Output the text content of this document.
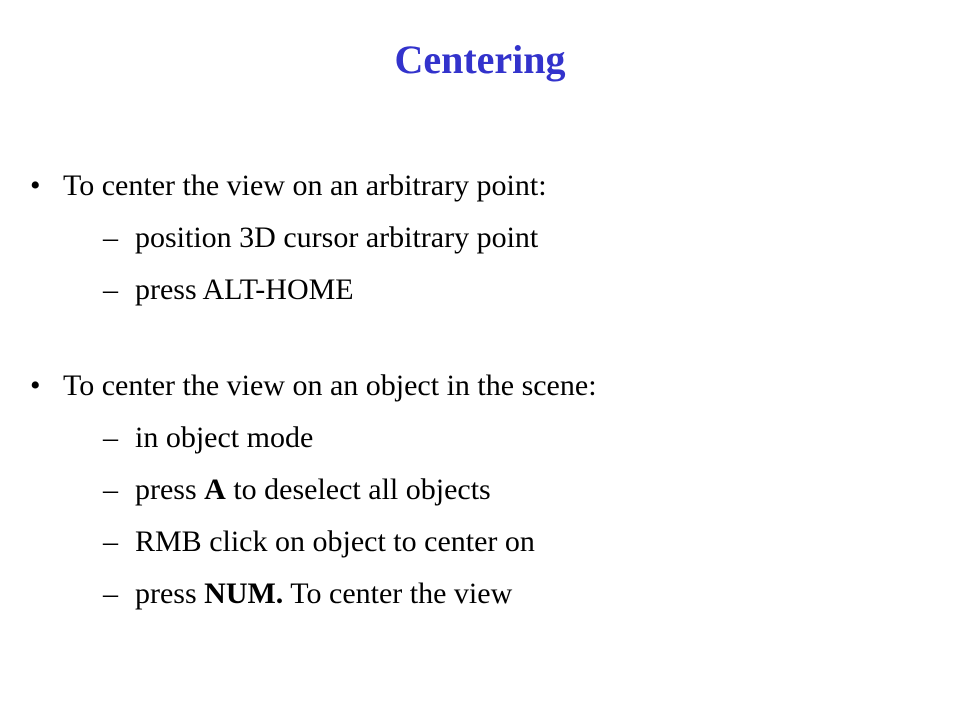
Centering
• To center the view on an arbitrary point:
– position 3D cursor arbitrary point
– press ALT-HOME
• To center the view on an object in the scene:
– in object mode
– press A to deselect all objects
– RMB click on object to center on
– press NUM. To center the view
